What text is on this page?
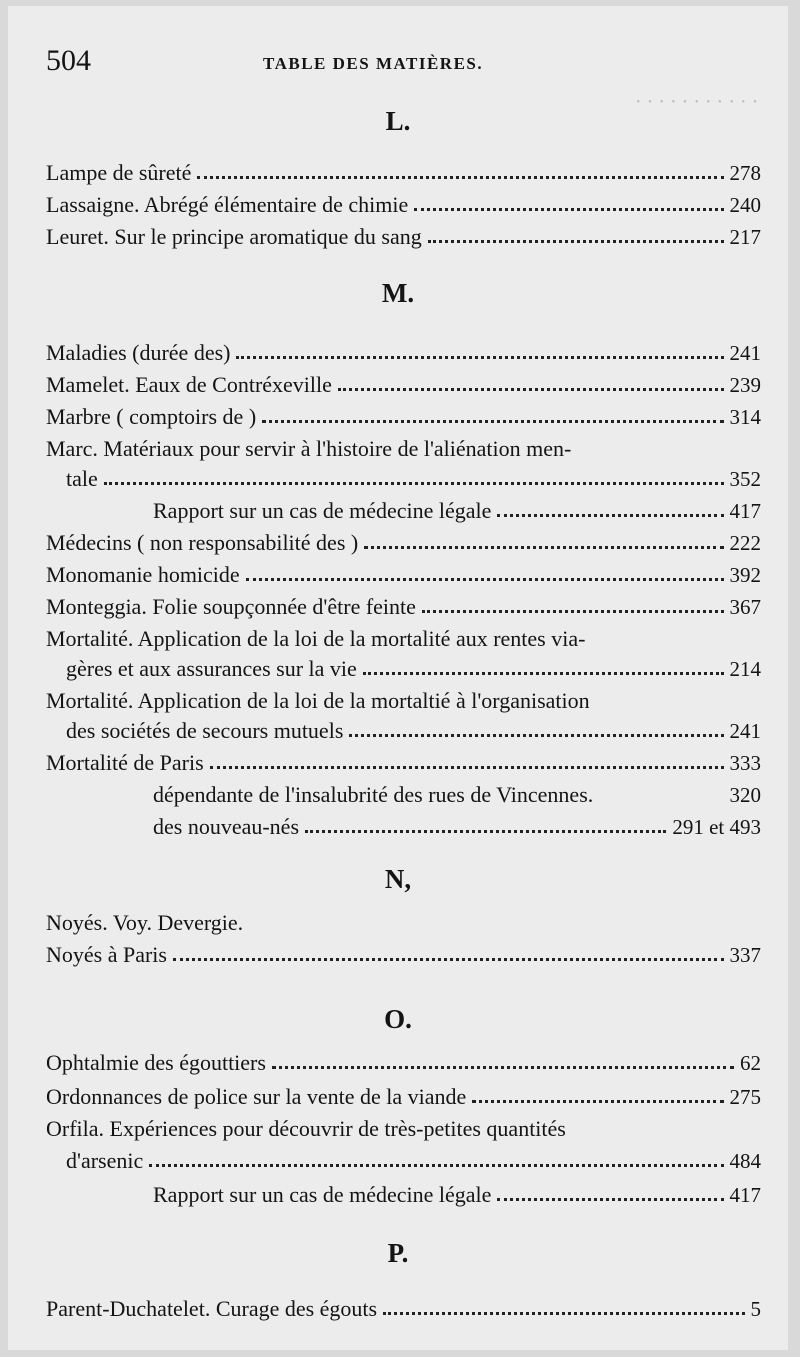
504	TABLE DES MATIÈRES.
· · · · · · · · · · ·
L.
Lampe de sûreté	278
Lassaigne. Abrégé élémentaire de chimie	240
Leuret. Sur le principe aromatique du sang	217
M.
Maladies (durée des)	241
Mamelet. Eaux de Contréxeville	239
Marbre ( comptoirs de )	314
Marc. Matériaux pour servir à l'histoire de l'aliénation men-
tale	352
Rapport sur un cas de médecine légale	417
Médecins ( non responsabilité des )	222
Monomanie homicide	392
Monteggia. Folie soupçonnée d'être feinte	367
Mortalité. Application de la loi de la mortalité aux rentes via-
gères et aux assurances sur la vie	214
Mortalité. Application de la loi de la mortaltié à l'organisation
des sociétés de secours mutuels	241
Mortalité de Paris	333
dépendante de l'insalubrité des rues de Vincennes.	320
des nouveau-nés	291 et 493
N,
Noyés. Voy. Devergie.
Noyés à Paris	337
O.
Ophtalmie des égouttiers	62
Ordonnances de police sur la vente de la viande	275
Orfila. Expériences pour découvrir de très-petites quantités
d'arsenic	484
Rapport sur un cas de médecine légale	417
P.
Parent-Duchatelet. Curage des égouts	5
